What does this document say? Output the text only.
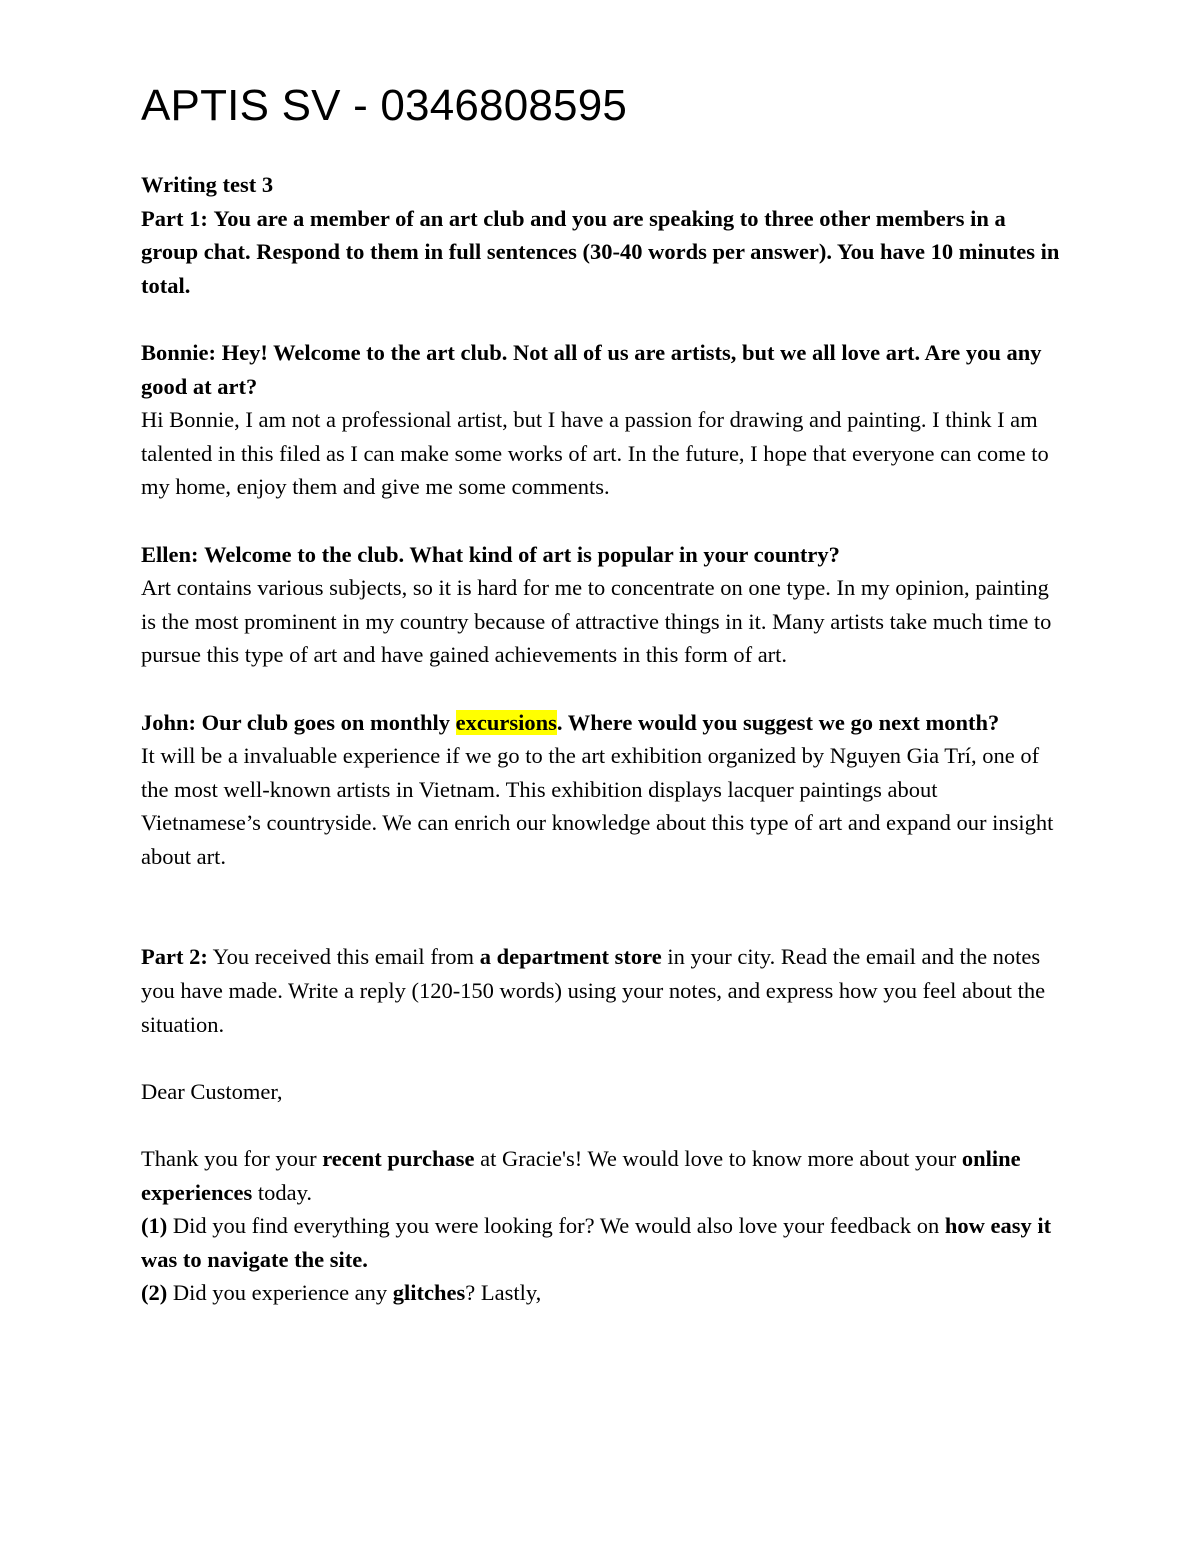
APTIS SV - 0346808595

Writing test 3

Part 1: You are a member of an art club and you are speaking to three other members in a group chat. Respond to them in full sentences (30-40 words per answer). You have 10 minutes in total.

Bonnie: Hey! Welcome to the art club. Not all of us are artists, but we all love art. Are you any good at art?

Hi Bonnie, I am not a professional artist, but I have a passion for drawing and painting. I think I am talented in this filed as I can make some works of art. In the future, I hope that everyone can come to my home, enjoy them and give me some comments.

Ellen: Welcome to the club. What kind of art is popular in your country?

Art contains various subjects, so it is hard for me to concentrate on one type. In my opinion, painting is the most prominent in my country because of attractive things in it. Many artists take much time to pursue this type of art and have gained achievements in this form of art.

John: Our club goes on monthly excursions. Where would you suggest we go next month?

It will be a invaluable experience if we go to the art exhibition organized by Nguyen Gia Trí, one of the most well-known artists in Vietnam. This exhibition displays lacquer paintings about Vietnamese’s countryside. We can enrich our knowledge about this type of art and expand our insight about art.

Part 2: You received this email from a department store in your city. Read the email and the notes you have made. Write a reply (120-150 words) using your notes, and express how you feel about the situation.

Dear Customer,

Thank you for your recent purchase at Gracie's! We would love to know more about your online experiences today.

(1) Did you find everything you were looking for? We would also love your feedback on how easy it was to navigate the site.

(2) Did you experience any glitches? Lastly,
